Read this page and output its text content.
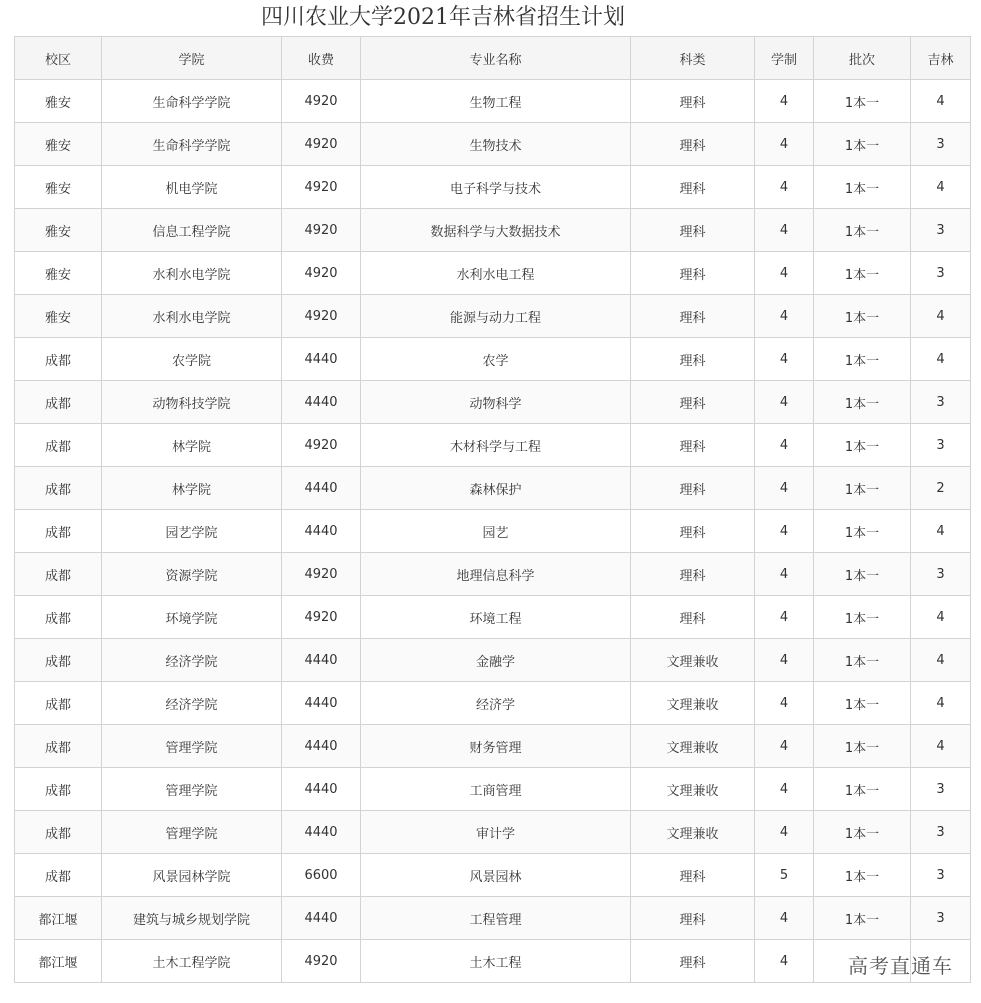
四川农业大学2021年吉林省招生计划
校区	学院	收费	专业名称	科类	学制	批次	吉林
雅安	生命科学学院	4920	生物工程	理科	4	1本一	4
雅安	生命科学学院	4920	生物技术	理科	4	1本一	3
雅安	机电学院	4920	电子科学与技术	理科	4	1本一	4
雅安	信息工程学院	4920	数据科学与大数据技术	理科	4	1本一	3
雅安	水利水电学院	4920	水利水电工程	理科	4	1本一	3
雅安	水利水电学院	4920	能源与动力工程	理科	4	1本一	4
成都	农学院	4440	农学	理科	4	1本一	4
成都	动物科技学院	4440	动物科学	理科	4	1本一	3
成都	林学院	4920	木材科学与工程	理科	4	1本一	3
成都	林学院	4440	森林保护	理科	4	1本一	2
成都	园艺学院	4440	园艺	理科	4	1本一	4
成都	资源学院	4920	地理信息科学	理科	4	1本一	3
成都	环境学院	4920	环境工程	理科	4	1本一	4
成都	经济学院	4440	金融学	文理兼收	4	1本一	4
成都	经济学院	4440	经济学	文理兼收	4	1本一	4
成都	管理学院	4440	财务管理	文理兼收	4	1本一	4
成都	管理学院	4440	工商管理	文理兼收	4	1本一	3
成都	管理学院	4440	审计学	文理兼收	4	1本一	3
成都	风景园林学院	6600	风景园林	理科	5	1本一	3
都江堰	建筑与城乡规划学院	4440	工程管理	理科	4	1本一	3
都江堰	土木工程学院	4920	土木工程	理科	4			高考直通车
